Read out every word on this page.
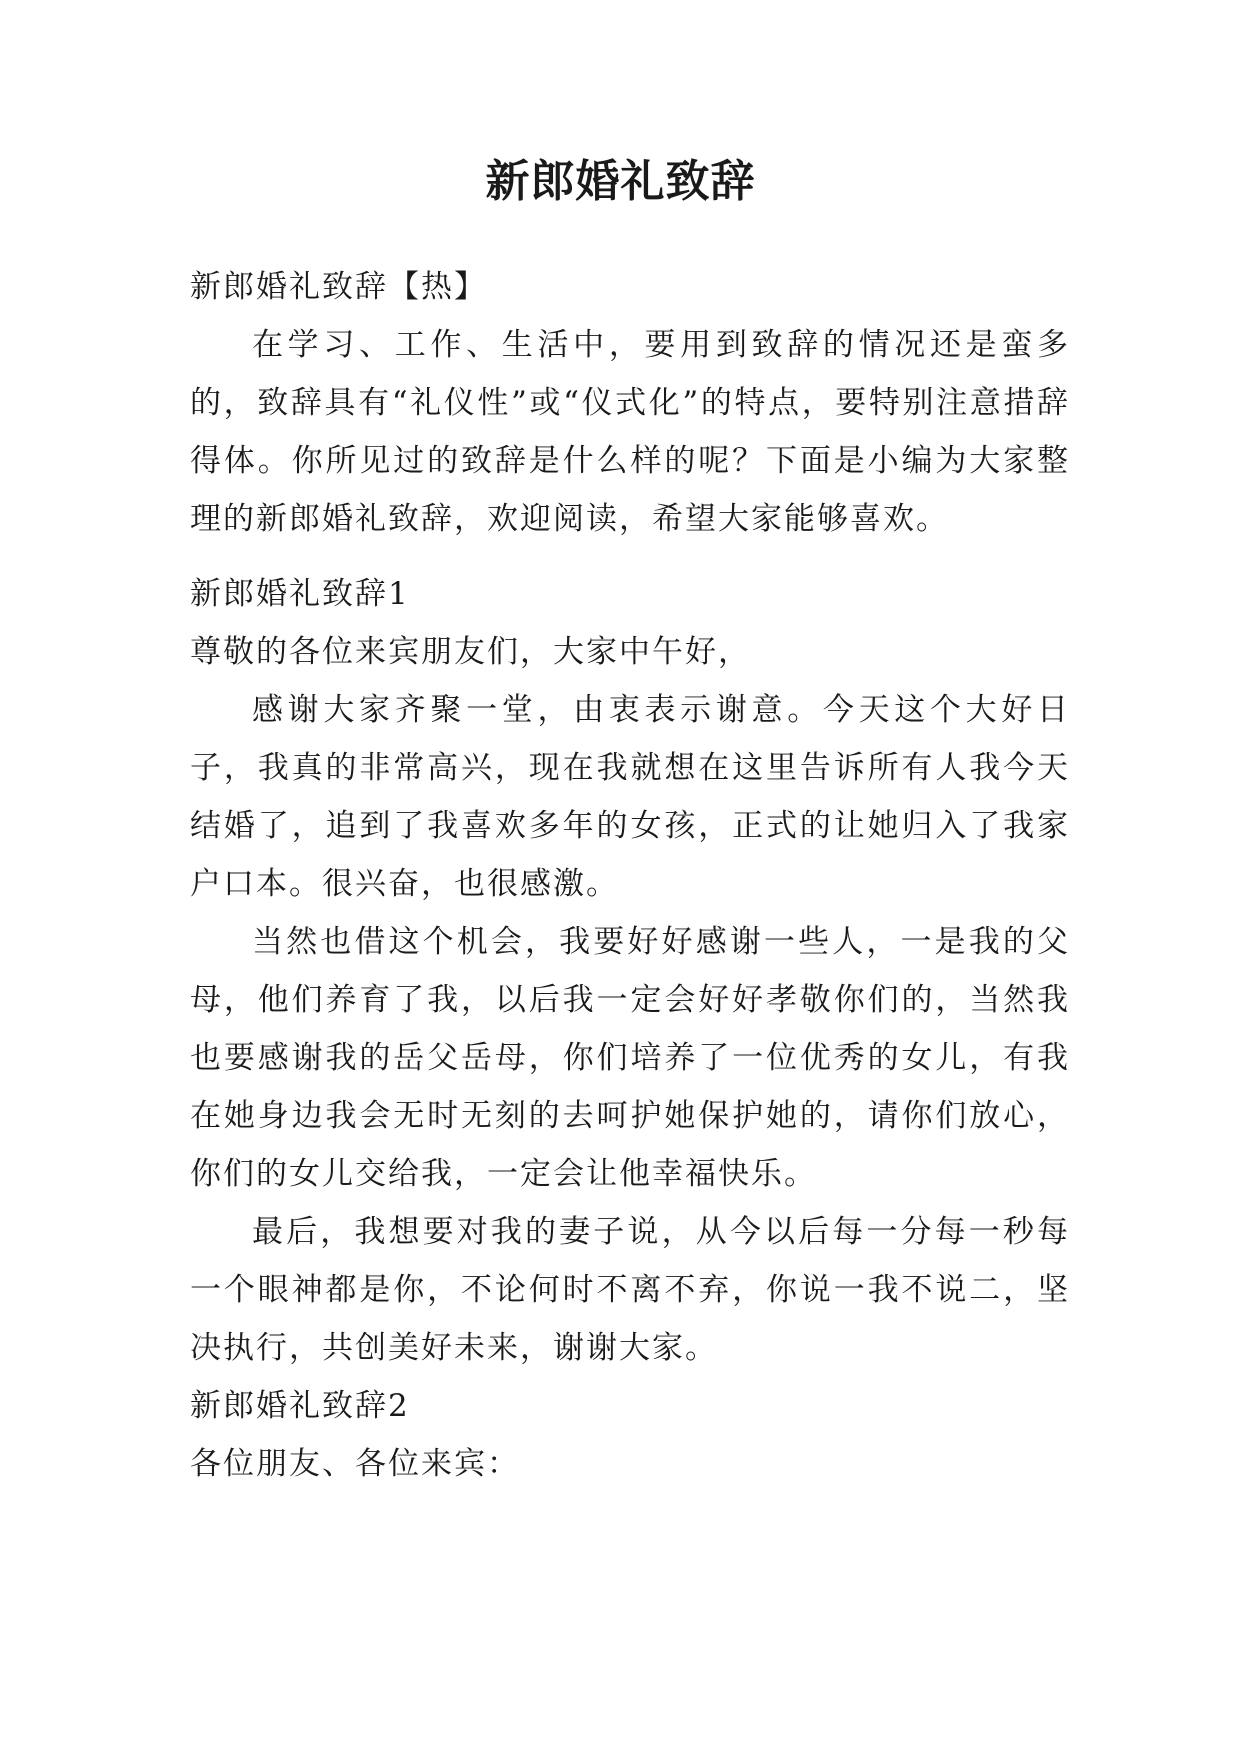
新郎婚礼致辞

新郎婚礼致辞【热】

在学习、工作、生活中，要用到致辞的情况还是蛮多的，致辞具有“礼仪性”或“仪式化”的特点，要特别注意措辞得体。你所见过的致辞是什么样的呢？下面是小编为大家整理的新郎婚礼致辞，欢迎阅读，希望大家能够喜欢。

新郎婚礼致辞1

尊敬的各位来宾朋友们，大家中午好，

感谢大家齐聚一堂，由衷表示谢意。今天这个大好日子，我真的非常高兴，现在我就想在这里告诉所有人我今天结婚了，追到了我喜欢多年的女孩，正式的让她归入了我家户口本。很兴奋，也很感激。

当然也借这个机会，我要好好感谢一些人，一是我的父母，他们养育了我，以后我一定会好好孝敬你们的，当然我也要感谢我的岳父岳母，你们培养了一位优秀的女儿，有我在她身边我会无时无刻的去呵护她保护她的，请你们放心，你们的女儿交给我，一定会让他幸福快乐。

最后，我想要对我的妻子说，从今以后每一分每一秒每一个眼神都是你，不论何时不离不弃，你说一我不说二，坚决执行，共创美好未来，谢谢大家。

新郎婚礼致辞2

各位朋友、各位来宾：
